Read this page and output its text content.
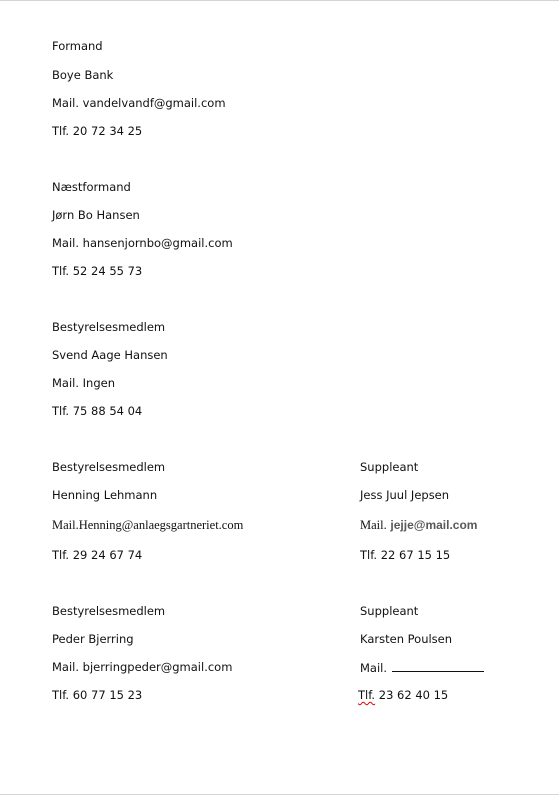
Formand
Boye Bank
Mail. vandelvandf@gmail.com
Tlf. 20 72 34 25
Næstformand
Jørn Bo Hansen
Mail. hansenjornbo@gmail.com
Tlf. 52 24 55 73
Bestyrelsesmedlem
Svend Aage Hansen
Mail. Ingen
Tlf. 75 88 54 04
Bestyrelsesmedlem
Henning Lehmann
Mail.Henning@anlaegsgartneriet.com
Tlf. 29 24 67 74
Suppleant
Jess Juul Jepsen
Mail. jejje@mail.com
Tlf. 22 67 15 15
Bestyrelsesmedlem
Peder Bjerring
Mail. bjerringpeder@gmail.com
Tlf. 60 77 15 23
Suppleant
Karsten Poulsen
Mail.
Tlf. 23 62 40 15
